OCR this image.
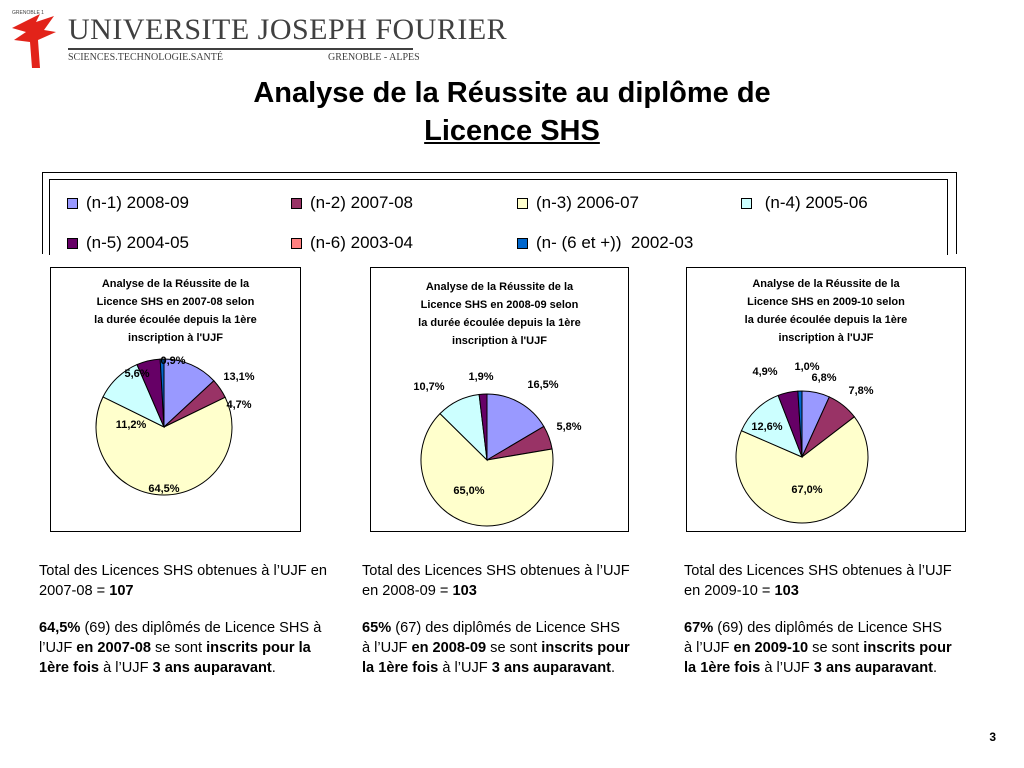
GRENOBLE 1 UNIVERSITE JOSEPH FOURIER
SCIENCES.TECHNOLOGIE.SANTÉ	GRENOBLE - ALPES
Analyse de la Réussite au diplôme de
Licence SHS
(n-1) 2008-09	(n-2) 2007-08	(n-3) 2006-07	(n-4) 2005-06
(n-5) 2004-05	(n-6) 2003-04	(n- (6 et +))  2002-03
Analyse de la Réussite de la
Licence SHS en 2007-08 selon
la durée écoulée depuis la 1ère
inscription à l'UJF
13,1%
4,7%
64,5%
11,2%
5,6%
0,9%
Analyse de la Réussite de la
Licence SHS en 2008-09 selon
la durée écoulée depuis la 1ère
inscription à l'UJF
16,5%
5,8%
65,0%
10,7%
1,9%
Analyse de la Réussite de la
Licence SHS en 2009-10 selon
la durée écoulée depuis la 1ère
inscription à l'UJF
6,8%
7,8%
67,0%
12,6%
4,9% 1,0%

Total des Licences SHS obtenues à l’UJF en 2007-08 = 107

64,5% (69) des diplômés de Licence SHS à l’UJF en 2007-08 se sont inscrits pour la 1ère fois à l’UJF 3 ans auparavant.

Total des Licences SHS obtenues à l’UJF en 2008-09 = 103

65% (67) des diplômés de Licence SHS à l’UJF en 2008-09 se sont inscrits pour la 1ère fois à l’UJF 3 ans auparavant.

Total des Licences SHS obtenues à l’UJF en 2009-10 = 103

67% (69) des diplômés de Licence SHS à l’UJF en 2009-10 se sont inscrits pour la 1ère fois à l’UJF 3 ans auparavant.

3
